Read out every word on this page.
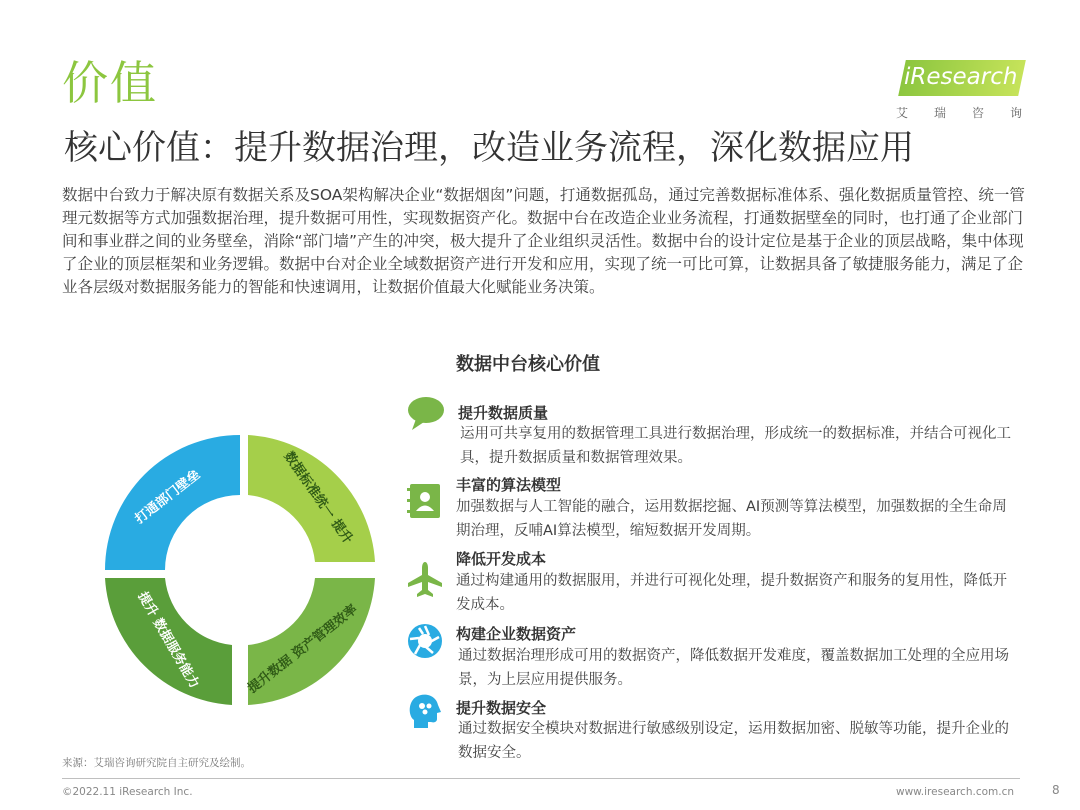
价值
核心价值：提升数据治理，改造业务流程，深化数据应用
iResearch
艾 瑞 咨 询
数据中台致力于解决原有数据关系及SOA架构解决企业“数据烟囱”问题，打通数据孤岛，通过完善数据标准体系、强化数据质量管控、统一管理元数据等方式加强数据治理，提升数据可用性，实现数据资产化。数据中台在改造企业业务流程，打通数据壁垒的同时，也打通了企业部门间和事业群之间的业务壁垒，消除“部门墙”产生的冲突，极大提升了企业组织灵活性。数据中台的设计定位是基于企业的顶层战略，集中体现了企业的顶层框架和业务逻辑。数据中台对企业全域数据资产进行开发和应用，实现了统一可比可算，让数据具备了敏捷服务能力，满足了企业各层级对数据服务能力的智能和快速调用，让数据价值最大化赋能业务决策。
数据中台核心价值
打通部门壁垒	数据标准统一 提升
提升数据 资产管理效率
提升 数据服务能力
提升数据质量
运用可共享复用的数据管理工具进行数据治理，形成统一的数据标准，并结合可视化工具，提升数据质量和数据管理效果。
丰富的算法模型
加强数据与人工智能的融合，运用数据挖掘、AI预测等算法模型，加强数据的全生命周期治理，反哺AI算法模型，缩短数据开发周期。
降低开发成本
通过构建通用的数据服用，并进行可视化处理，提升数据资产和服务的复用性，降低开发成本。
构建企业数据资产
通过数据治理形成可用的数据资产，降低数据开发难度，覆盖数据加工处理的全应用场景，为上层应用提供服务。
提升数据安全
通过数据安全模块对数据进行敏感级别设定，运用数据加密、脱敏等功能，提升企业的数据安全。
来源：艾瑞咨询研究院自主研究及绘制。
©2022.11 iResearch Inc.	www.iresearch.com.cn	8
